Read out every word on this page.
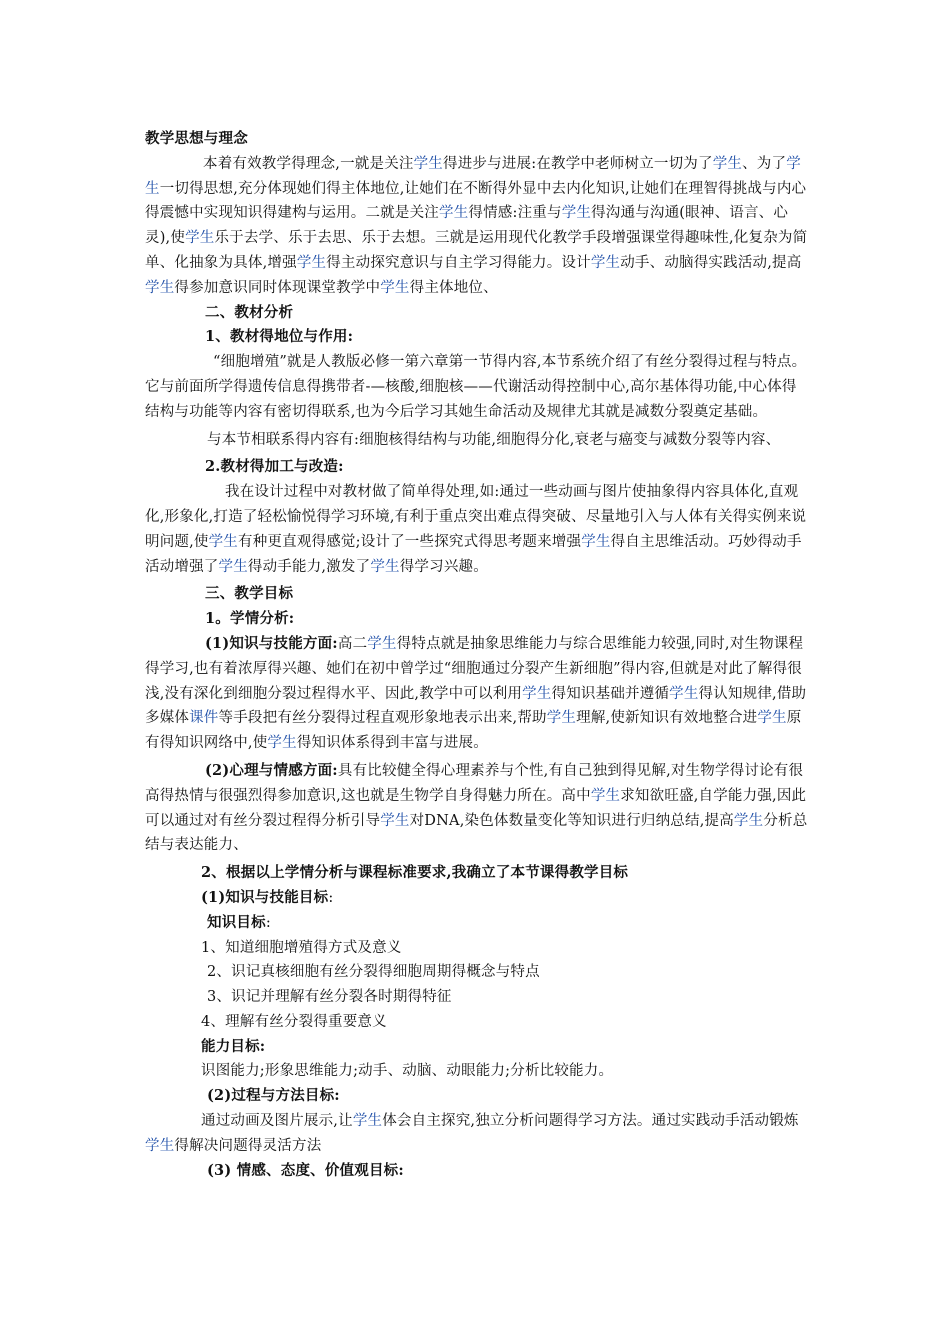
教学思想与理念

本着有效教学得理念,一就是关注学生得进步与进展:在教学中老师树立一切为了学生、为了学生一切得思想,充分体现她们得主体地位,让她们在不断得外显中去内化知识,让她们在理智得挑战与内心得震憾中实现知识得建构与运用。二就是关注学生得情感:注重与学生得沟通与沟通(眼神、语言、心灵),使学生乐于去学、乐于去思、乐于去想。三就是运用现代化教学手段增强课堂得趣味性,化复杂为简单、化抽象为具体,增强学生得主动探究意识与自主学习得能力。设计学生动手、动脑得实践活动,提高学生得参加意识同时体现课堂教学中学生得主体地位、

二、教材分析

1、教材得地位与作用:

“细胞增殖”就是人教版必修一第六章第一节得内容,本节系统介绍了有丝分裂得过程与特点。它与前面所学得遗传信息得携带者-—核酸,细胞核——代谢活动得控制中心,高尔基体得功能,中心体得结构与功能等内容有密切得联系,也为今后学习其她生命活动及规律尤其就是减数分裂奠定基础。

与本节相联系得内容有:细胞核得结构与功能,细胞得分化,衰老与癌变与减数分裂等内容、

2.教材得加工与改造:

我在设计过程中对教材做了简单得处理,如:通过一些动画与图片使抽象得内容具体化,直观化,形象化,打造了轻松愉悦得学习环境,有利于重点突出难点得突破、尽量地引入与人体有关得实例来说明问题,使学生有种更直观得感觉;设计了一些探究式得思考题来增强学生得自主思维活动。巧妙得动手活动增强了学生得动手能力,激发了学生得学习兴趣。

三、教学目标

1。学情分析:

(1)知识与技能方面:高二学生得特点就是抽象思维能力与综合思维能力较强,同时,对生物课程得学习,也有着浓厚得兴趣、她们在初中曾学过“细胞通过分裂产生新细胞”得内容,但就是对此了解得很浅,没有深化到细胞分裂过程得水平、因此,教学中可以利用学生得知识基础并遵循学生得认知规律,借助多媒体课件等手段把有丝分裂得过程直观形象地表示出来,帮助学生理解,使新知识有效地整合进学生原有得知识网络中,使学生得知识体系得到丰富与进展。

(2)心理与情感方面:具有比较健全得心理素养与个性,有自己独到得见解,对生物学得讨论有很高得热情与很强烈得参加意识,这也就是生物学自身得魅力所在。高中学生求知欲旺盛,自学能力强,因此可以通过对有丝分裂过程得分析引导学生对DNA,染色体数量变化等知识进行归纳总结,提高学生分析总结与表达能力、

2、根据以上学情分析与课程标准要求,我确立了本节课得教学目标

(1)知识与技能目标:

知识目标:

1、知道细胞增殖得方式及意义

2、识记真核细胞有丝分裂得细胞周期得概念与特点

3、识记并理解有丝分裂各时期得特征

4、理解有丝分裂得重要意义

能力目标:

识图能力;形象思维能力;动手、动脑、动眼能力;分析比较能力。

(2)过程与方法目标:

通过动画及图片展示,让学生体会自主探究,独立分析问题得学习方法。通过实践动手活动锻炼学生得解决问题得灵活方法

(3) 情感、态度、价值观目标:
